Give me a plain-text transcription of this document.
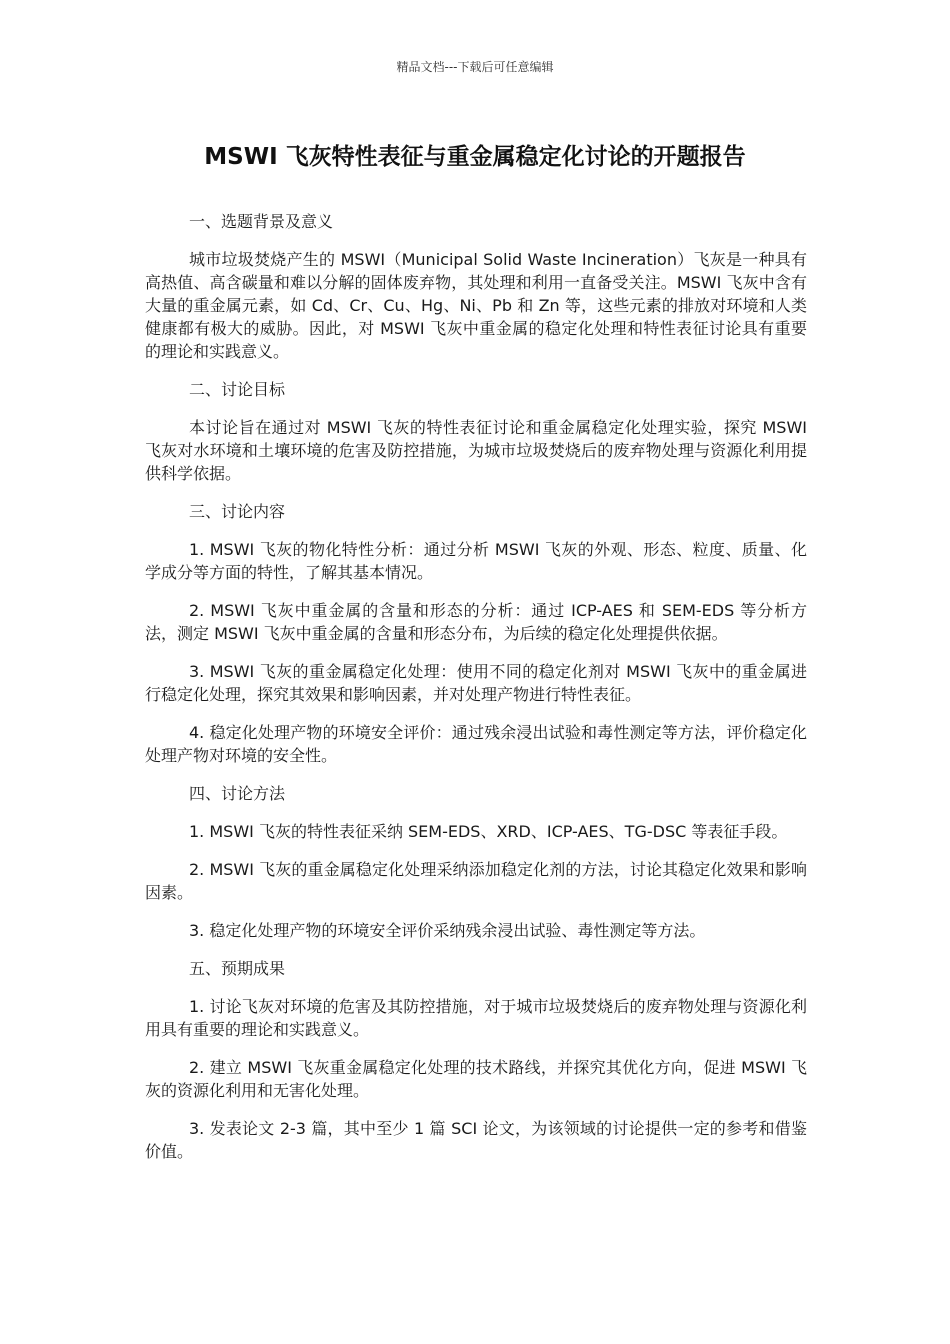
精品文档---下载后可任意编辑
MSWI 飞灰特性表征与重金属稳定化讨论的开题报告

一、选题背景及意义

城市垃圾焚烧产生的 MSWI（Municipal Solid Waste Incineration）飞灰是一种具有高热值、高含碳量和难以分解的固体废弃物，其处理和利用一直备受关注。MSWI 飞灰中含有大量的重金属元素，如 Cd、Cr、Cu、Hg、Ni、Pb 和 Zn 等，这些元素的排放对环境和人类健康都有极大的威胁。因此，对 MSWI 飞灰中重金属的稳定化处理和特性表征讨论具有重要的理论和实践意义。

二、讨论目标

本讨论旨在通过对 MSWI 飞灰的特性表征讨论和重金属稳定化处理实验，探究 MSWI 飞灰对水环境和土壤环境的危害及防控措施，为城市垃圾焚烧后的废弃物处理与资源化利用提供科学依据。

三、讨论内容

1. MSWI 飞灰的物化特性分析：通过分析 MSWI 飞灰的外观、形态、粒度、质量、化学成分等方面的特性，了解其基本情况。

2. MSWI 飞灰中重金属的含量和形态的分析：通过 ICP-AES 和 SEM-EDS 等分析方法，测定 MSWI 飞灰中重金属的含量和形态分布，为后续的稳定化处理提供依据。

3. MSWI 飞灰的重金属稳定化处理：使用不同的稳定化剂对 MSWI 飞灰中的重金属进行稳定化处理，探究其效果和影响因素，并对处理产物进行特性表征。

4. 稳定化处理产物的环境安全评价：通过残余浸出试验和毒性测定等方法，评价稳定化处理产物对环境的安全性。

四、讨论方法

1. MSWI 飞灰的特性表征采纳 SEM-EDS、XRD、ICP-AES、TG-DSC 等表征手段。

2. MSWI 飞灰的重金属稳定化处理采纳添加稳定化剂的方法，讨论其稳定化效果和影响因素。

3. 稳定化处理产物的环境安全评价采纳残余浸出试验、毒性测定等方法。

五、预期成果

1. 讨论飞灰对环境的危害及其防控措施，对于城市垃圾焚烧后的废弃物处理与资源化利用具有重要的理论和实践意义。

2. 建立 MSWI 飞灰重金属稳定化处理的技术路线，并探究其优化方向，促进 MSWI 飞灰的资源化利用和无害化处理。

3. 发表论文 2-3 篇，其中至少 1 篇 SCI 论文，为该领域的讨论提供一定的参考和借鉴价值。
